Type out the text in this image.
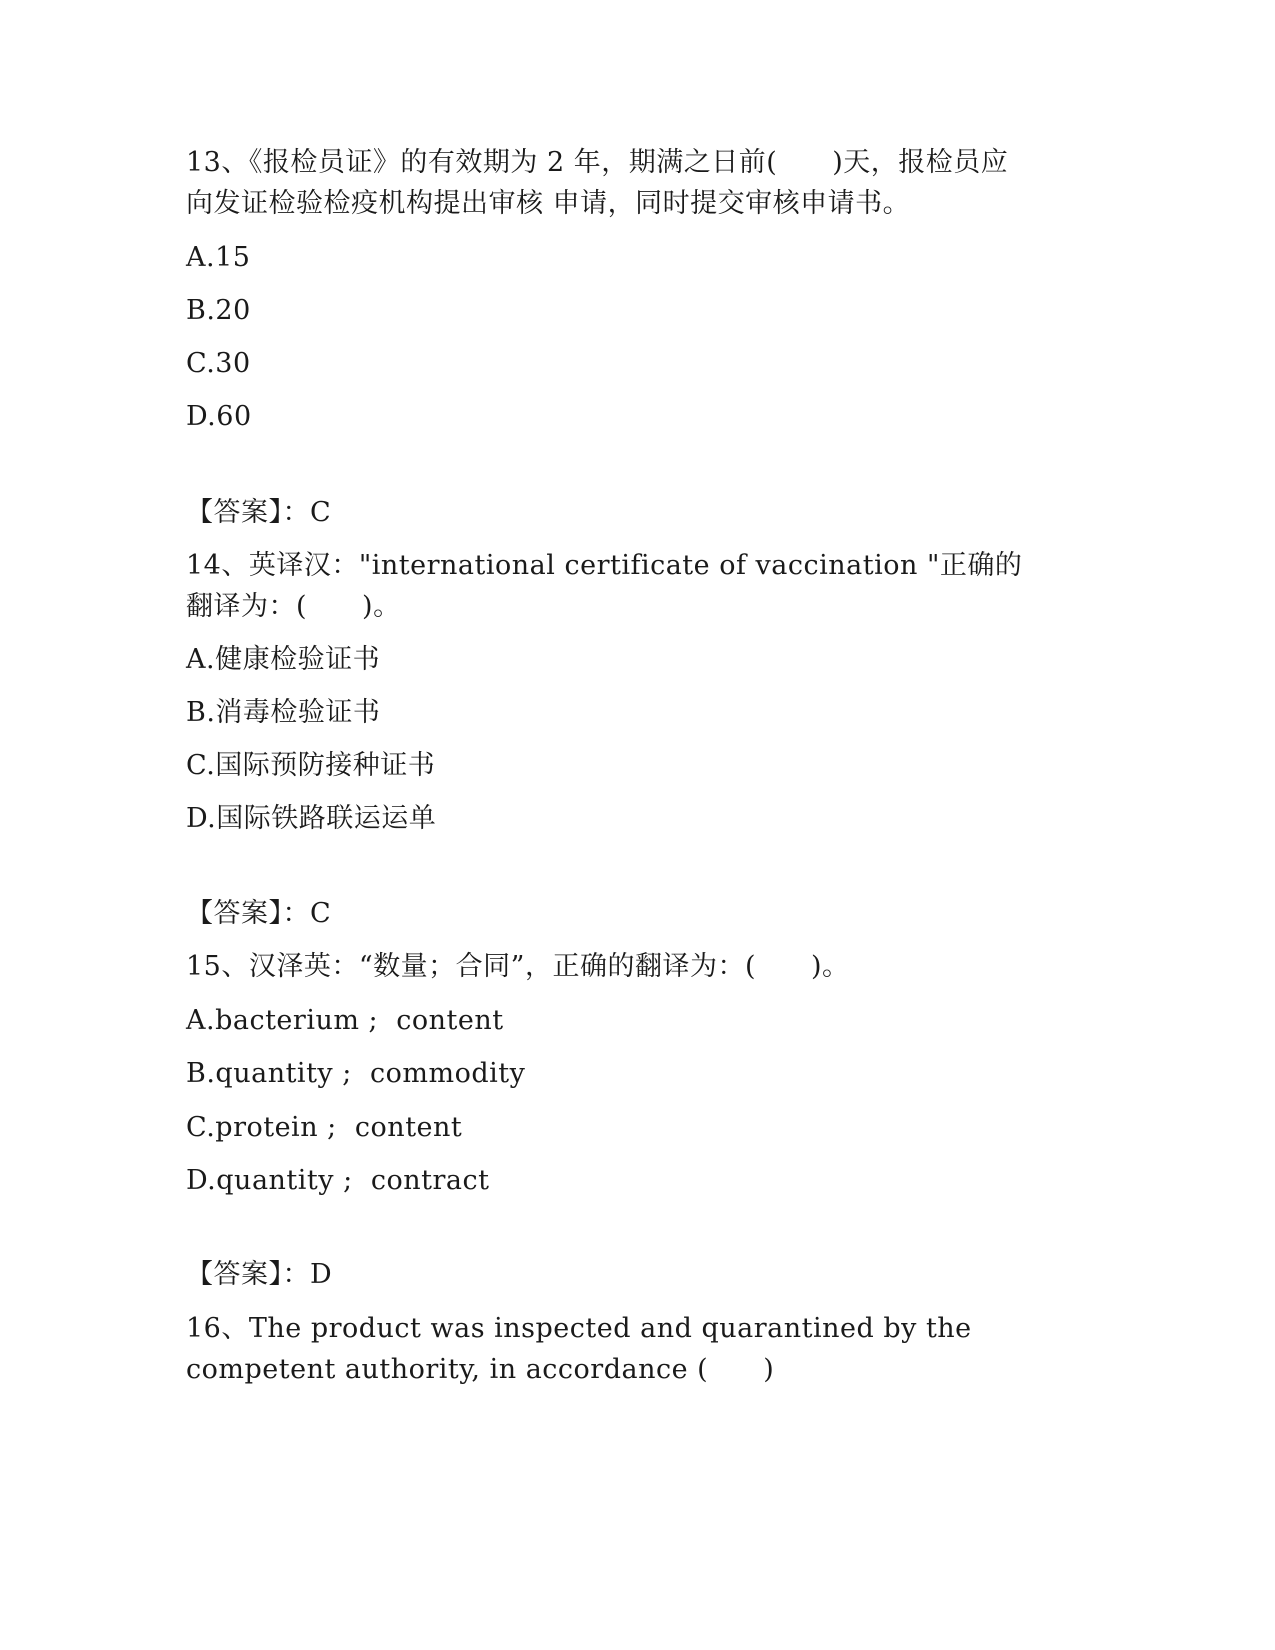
13、《报检员证》的有效期为 2 年，期满之日前(　　)天，报检员应

向发证检验检疫机构提出审核 申请，同时提交审核申请书。

A.15

B.20

C.30

D.60

【答案】：C

14、英译汉："international certificate of vaccination "正确的

翻译为：(　　)。

A.健康检验证书

B.消毒检验证书

C.国际预防接种证书

D.国际铁路联运运单

【答案】：C

15、汉泽英：“数量；合同”，正确的翻译为：(　　)。

A.bacterium ;  content

B.quantity ;  commodity

C.protein ;  content

D.quantity ;  contract

【答案】：D

16、The product was inspected and quarantined by the

competent authority, in accordance (　　)
